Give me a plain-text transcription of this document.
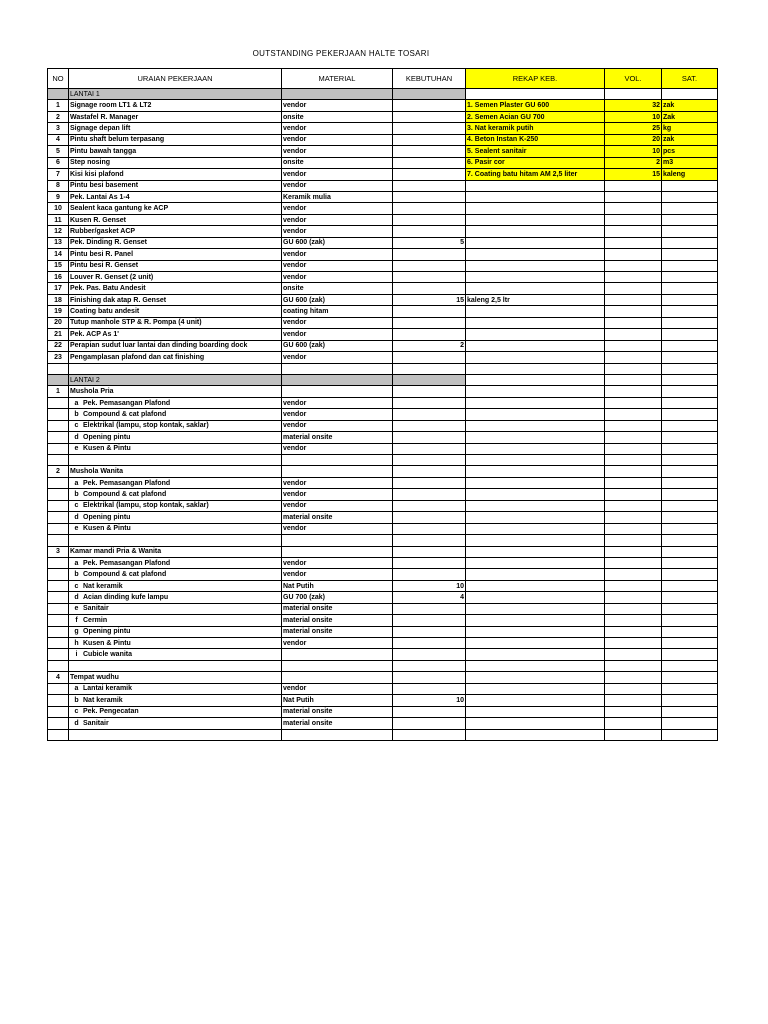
OUTSTANDING PEKERJAAN HALTE TOSARI
NO	URAIAN PEKERJAAN	MATERIAL	KEBUTUHAN	REKAP KEB.	VOL.	SAT.
	LANTAI 1					
1	Signage room LT1 & LT2	vendor		1. Semen Plaster GU 600	32	zak
2	Wastafel R. Manager	onsite		2. Semen Acian GU 700	10	Zak
3	Signage depan lift	vendor		3. Nat keramik putih	25	kg
4	Pintu shaft belum terpasang	vendor		4. Beton Instan K-250	20	zak
5	Pintu bawah tangga	vendor		5. Sealent sanitair	10	pcs
6	Step nosing	onsite		6. Pasir cor	2	m3
7	Kisi kisi plafond	vendor		7. Coating batu hitam AM 2,5 liter	15	kaleng
8	Pintu besi basement	vendor				
9	Pek. Lantai As 1-4	Keramik mulia				
10	Sealent kaca gantung ke ACP	vendor				
11	Kusen R. Genset	vendor				
12	Rubber/gasket ACP	vendor				
13	Pek. Dinding R. Genset	GU 600 (zak)	5			
14	Pintu besi R. Panel	vendor				
15	Pintu besi R. Genset	vendor				
16	Louver R. Genset (2 unit)	vendor				
17	Pek. Pas. Batu Andesit	onsite				
18	Finishing dak atap R. Genset	GU 600 (zak)	15	kaleng 2,5 ltr		
19	Coating batu andesit	coating hitam				
20	Tutup manhole STP & R. Pompa (4 unit)	vendor				
21	Pek. ACP As 1'	vendor				
22	Perapian sudut luar lantai dan dinding boarding dock	GU 600 (zak)	2			
23	Pengamplasan plafond dan cat finishing	vendor				

	LANTAI 2					
1	Mushola Pria					
	a Pek. Pemasangan Plafond	vendor				
	b Compound & cat plafond	vendor				
	c Elektrikal (lampu, stop kontak, saklar)	vendor				
	d Opening pintu	material onsite				
	e Kusen & Pintu	vendor				

2	Mushola Wanita					
	a Pek. Pemasangan Plafond	vendor				
	b Compound & cat plafond	vendor				
	c Elektrikal (lampu, stop kontak, saklar)	vendor				
	d Opening pintu	material onsite				
	e Kusen & Pintu	vendor				

3	Kamar mandi Pria & Wanita					
	a Pek. Pemasangan Plafond	vendor				
	b Compound & cat plafond	vendor				
	c Nat keramik	Nat Putih	10			
	d Acian dinding kufe lampu	GU 700 (zak)	4			
	e Sanitair	material onsite				
	f Cermin	material onsite				
	g Opening pintu	material onsite				
	h Kusen & Pintu	vendor				
	i Cubicle wanita					

4	Tempat wudhu					
	a Lantai keramik	vendor				
	b Nat keramik	Nat Putih	10			
	c Pek. Pengecatan	material onsite				
	d Sanitair	material onsite				
